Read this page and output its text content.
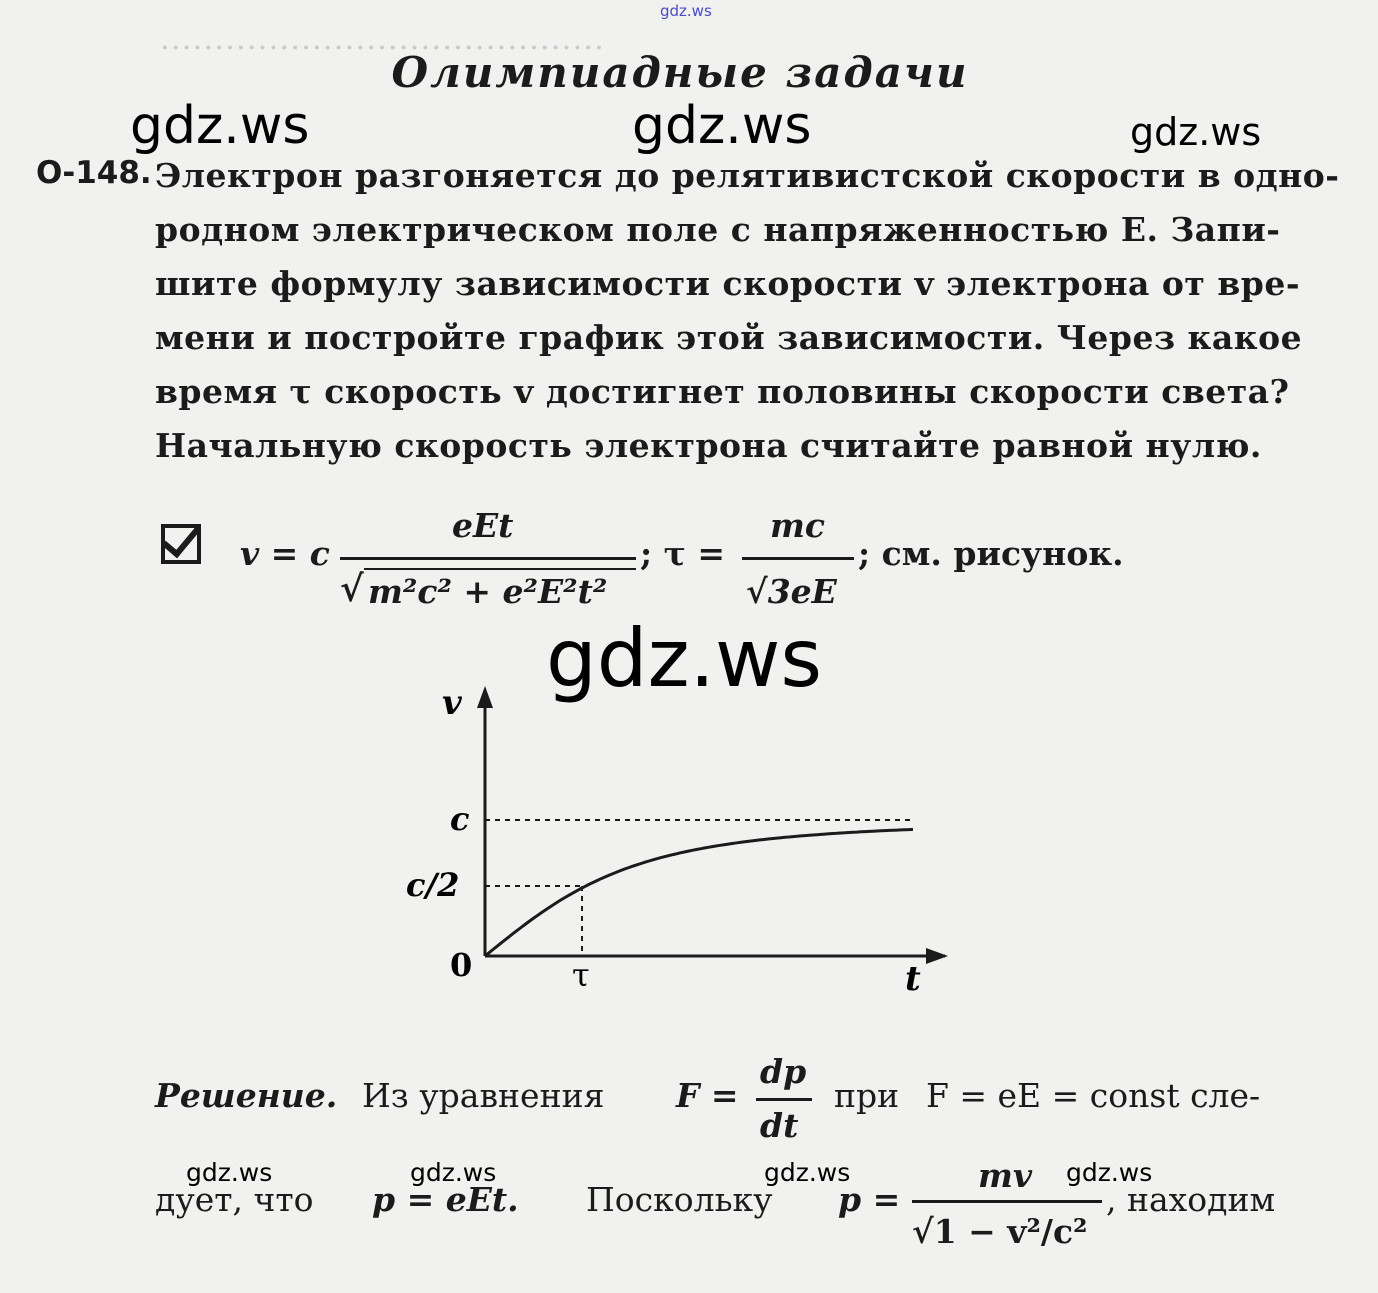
·········································
gdz.ws
Олимпиадные задачи
gdz.ws	gdz.ws	gdz.ws
О-148. Электрон разгоняется до релятивистской скорости в одно-
родном электрическом поле с напряженностью E. Запи-
шите формулу зависимости скорости v электрона от вре-
мени и постройте график этой зависимости. Через какое
время τ скорость v достигнет половины скорости света?
Начальную скорость электрона считайте равной нулю.
v = c
eEt
√ m²c² + e²E²t²
; τ =
mc
√3eE
; см. рисунок.
gdz.ws
v
t
c
c/2
0	τ
Решение. Из уравнения F =
dp
dt
при F = eE = const сле-
gdz.ws	gdz.ws	gdz.ws	gdz.ws
дует, что p = eEt. Поскольку p =
mv
√1 − v²/c²
, находим
